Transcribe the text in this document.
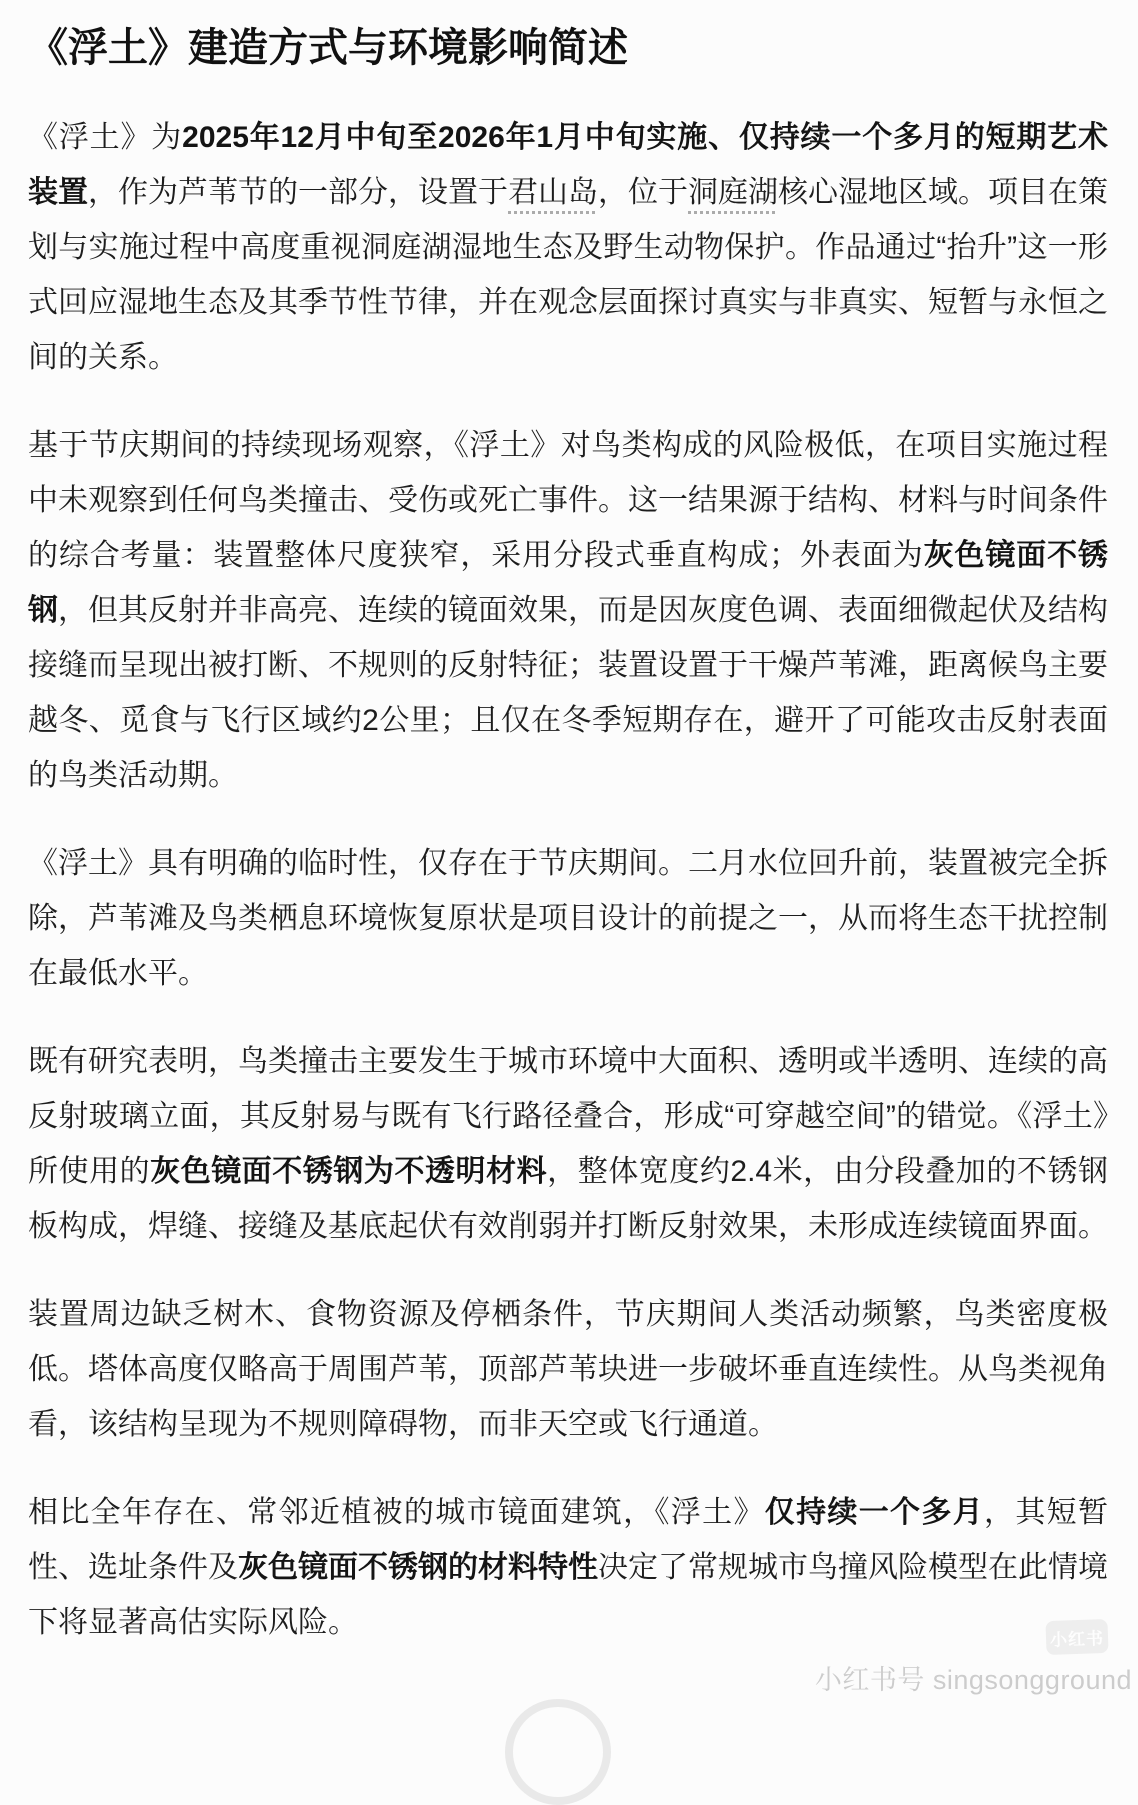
《浮土》建造方式与环境影响简述

《浮土》为2025年12月中旬至2026年1月中旬实施、仅持续一个多月的短期艺术装置，作为芦苇节的一部分，设置于君山岛，位于洞庭湖核心湿地区域。项目在策划与实施过程中高度重视洞庭湖湿地生态及野生动物保护。作品通过“抬升”这一形式回应湿地生态及其季节性节律，并在观念层面探讨真实与非真实、短暂与永恒之间的关系。

基于节庆期间的持续现场观察，《浮土》对鸟类构成的风险极低，在项目实施过程中未观察到任何鸟类撞击、受伤或死亡事件。这一结果源于结构、材料与时间条件的综合考量：装置整体尺度狭窄，采用分段式垂直构成；外表面为灰色镜面不锈钢，但其反射并非高亮、连续的镜面效果，而是因灰度色调、表面细微起伏及结构接缝而呈现出被打断、不规则的反射特征；装置设置于干燥芦苇滩，距离候鸟主要越冬、觅食与飞行区域约2公里；且仅在冬季短期存在，避开了可能攻击反射表面的鸟类活动期。

《浮土》具有明确的临时性，仅存在于节庆期间。二月水位回升前，装置被完全拆除，芦苇滩及鸟类栖息环境恢复原状是项目设计的前提之一，从而将生态干扰控制在最低水平。

既有研究表明，鸟类撞击主要发生于城市环境中大面积、透明或半透明、连续的高反射玻璃立面，其反射易与既有飞行路径叠合，形成“可穿越空间”的错觉。《浮土》所使用的灰色镜面不锈钢为不透明材料，整体宽度约2.4米，由分段叠加的不锈钢板构成，焊缝、接缝及基底起伏有效削弱并打断反射效果，未形成连续镜面界面。

装置周边缺乏树木、食物资源及停栖条件，节庆期间人类活动频繁，鸟类密度极低。塔体高度仅略高于周围芦苇，顶部芦苇块进一步破坏垂直连续性。从鸟类视角看，该结构呈现为不规则障碍物，而非天空或飞行通道。

相比全年存在、常邻近植被的城市镜面建筑，《浮土》仅持续一个多月，其短暂性、选址条件及灰色镜面不锈钢的材料特性决定了常规城市鸟撞风险模型在此情境下将显著高估实际风险。	小红书
小红书号 singsongground
